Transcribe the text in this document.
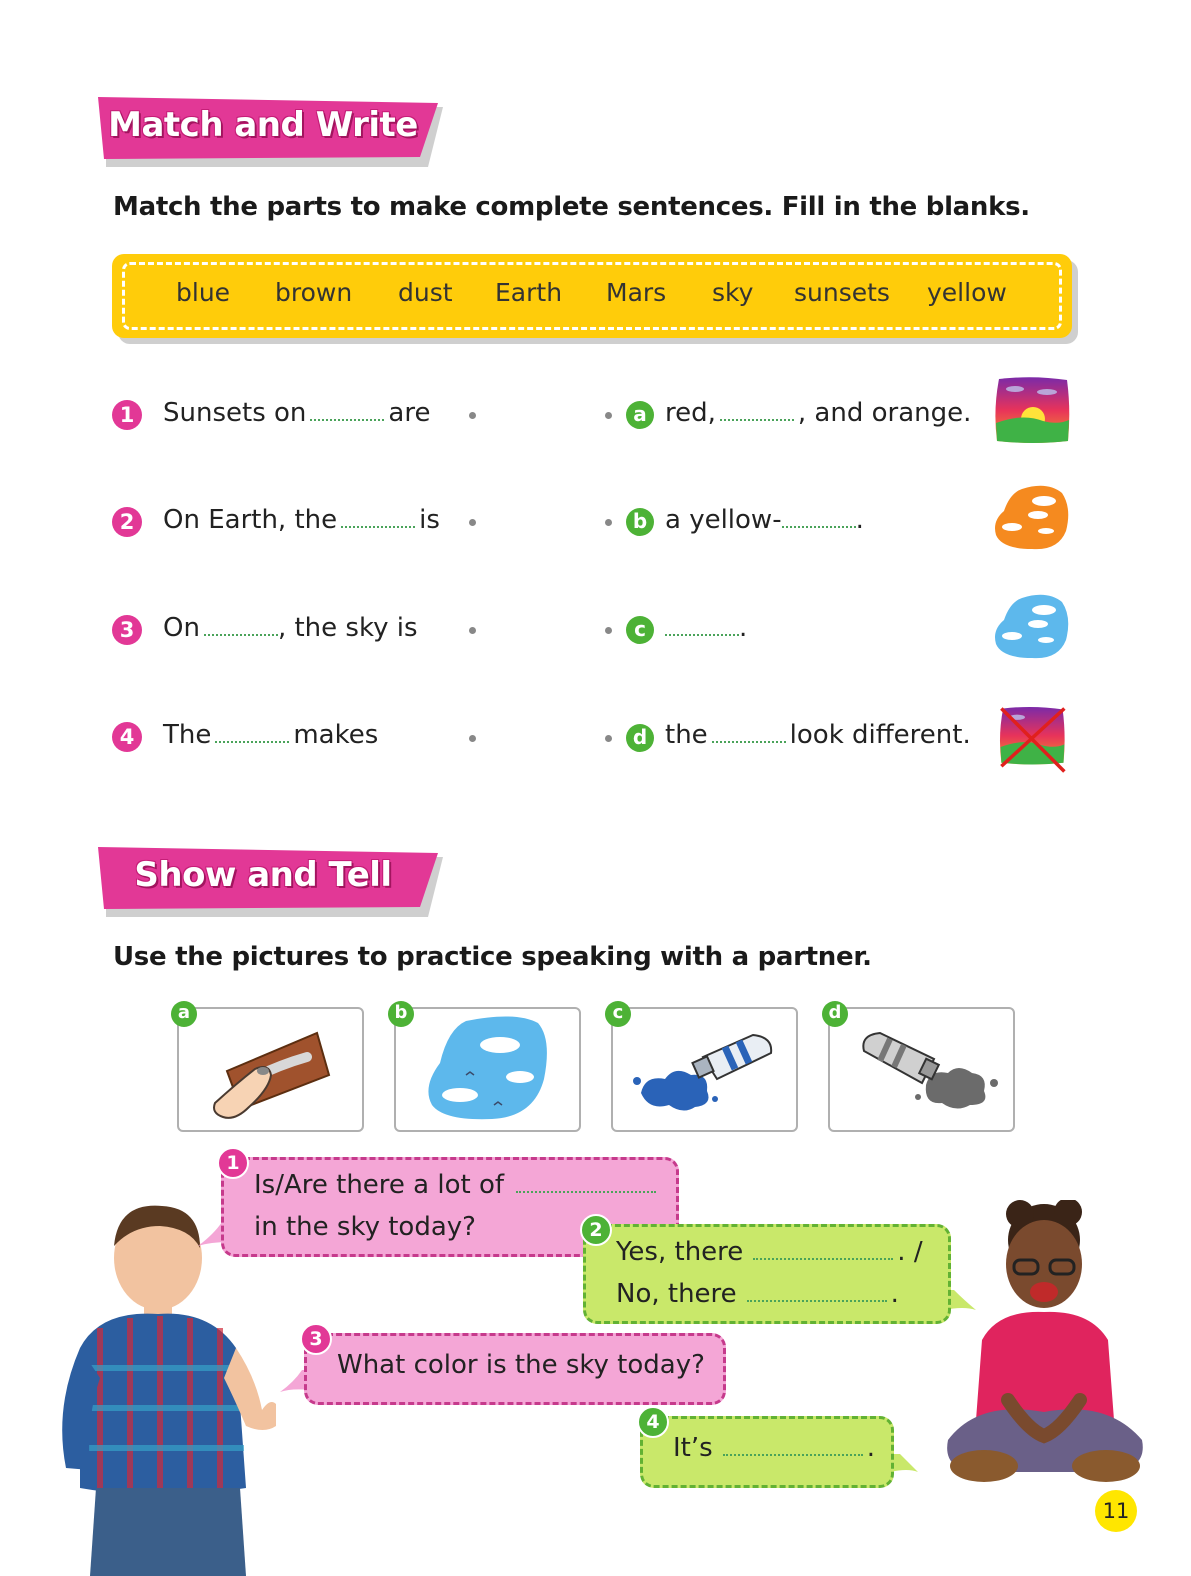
Match and Write
Match the parts to make complete sentences. Fill in the blanks.
blue brown dust Earth Mars sky sunsets yellow
1 Sunsets on	are	a red,	, and orange.
2 On Earth, the	is	b a yellow-	.
3 On	, the sky is	c	.
4 The	makes	d the	look different.
Show and Tell
Use the pictures to practice speaking with a partner.
a	b	c	d
Is/Are there a lot of
in the sky today?
1
Yes, there	. /
No, there	.
2
What color is the sky today?
3
It’s	.
4
11
